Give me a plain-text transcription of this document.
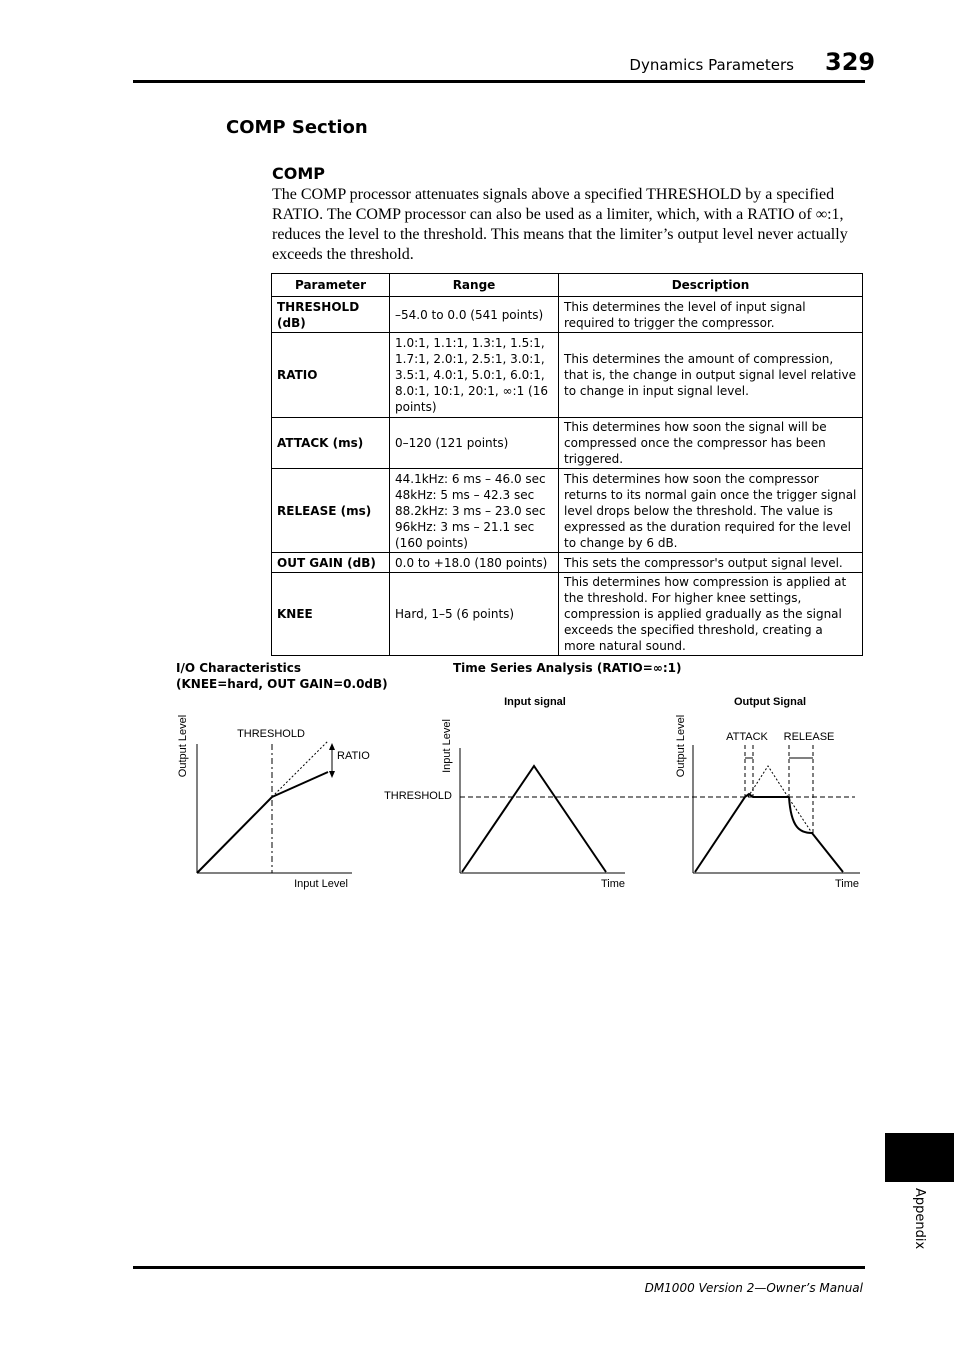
Dynamics Parameters 329
COMP Section
COMP
The COMP processor attenuates signals above a specified THRESHOLD by a specified RATIO. The COMP processor can also be used as a limiter, which, with a RATIO of ∞:1, reduces the level to the threshold. This means that the limiter’s output level never actually exceeds the threshold.
Parameter	Range	Description
THRESHOLD (dB)	–54.0 to 0.0 (541 points)	This determines the level of input signal required to trigger the compressor.
RATIO	1.0:1, 1.1:1, 1.3:1, 1.5:1, 1.7:1, 2.0:1, 2.5:1, 3.0:1, 3.5:1, 4.0:1, 5.0:1, 6.0:1, 8.0:1, 10:1, 20:1, ∞:1 (16 points)	This determines the amount of compression, that is, the change in output signal level relative to change in input signal level.
ATTACK (ms)	0–120 (121 points)	This determines how soon the signal will be compressed once the compressor has been triggered.
RELEASE (ms)	44.1kHz: 6 ms – 46.0 sec 48kHz: 5 ms – 42.3 sec 88.2kHz: 3 ms – 23.0 sec 96kHz: 3 ms – 21.1 sec (160 points)	This determines how soon the compressor returns to its normal gain once the trigger signal level drops below the threshold. The value is expressed as the duration required for the level to change by 6 dB.
OUT GAIN (dB)	0.0 to +18.0 (180 points)	This sets the compressor's output signal level.
KNEE	Hard, 1–5 (6 points)	This determines how compression is applied at the threshold. For higher knee settings, compression is applied gradually as the signal exceeds the specified threshold, creating a more natural sound.
I/O Characteristics
(KNEE=hard, OUT GAIN=0.0dB)
Time Series Analysis (RATIO=∞:1)
Output Level
Input Level
THRESHOLD
RATIO
THRESHOLD
Input signal
Input Level
Time
Output Signal
Output Level
Time
ATTACK RELEASE
Appendix
DM1000 Version 2—Owner’s Manual
